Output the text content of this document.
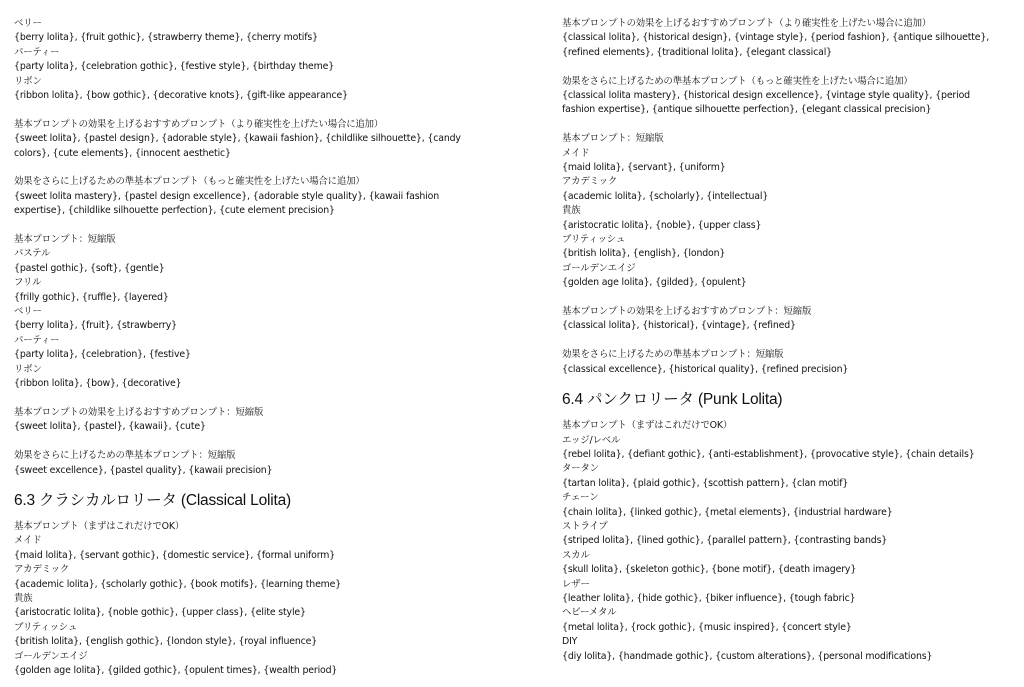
ベリー
{berry lolita}, {fruit gothic}, {strawberry theme}, {cherry motifs}
パーティー
{party lolita}, {celebration gothic}, {festive style}, {birthday theme}
リボン
{ribbon lolita}, {bow gothic}, {decorative knots}, {gift-like appearance}
基本プロンプトの効果を上げるおすすめプロンプト（より確実性を上げたい場合に追加）
{sweet lolita}, {pastel design}, {adorable style}, {kawaii fashion}, {childlike silhouette}, {candy colors}, {cute elements}, {innocent aesthetic}
効果をさらに上げるための準基本プロンプト（もっと確実性を上げたい場合に追加）
{sweet lolita mastery}, {pastel design excellence}, {adorable style quality}, {kawaii fashion expertise}, {childlike silhouette perfection}, {cute element precision}
基本プロンプト：短縮版
パステル
{pastel gothic}, {soft}, {gentle}
フリル
{frilly gothic}, {ruffle}, {layered}
ベリー
{berry lolita}, {fruit}, {strawberry}
パーティー
{party lolita}, {celebration}, {festive}
リボン
{ribbon lolita}, {bow}, {decorative}
基本プロンプトの効果を上げるおすすめプロンプト：短縮版
{sweet lolita}, {pastel}, {kawaii}, {cute}
効果をさらに上げるための準基本プロンプト：短縮版
{sweet excellence}, {pastel quality}, {kawaii precision}
6.3 クラシカルロリータ (Classical Lolita)
基本プロンプト（まずはこれだけでOK）
メイド
{maid lolita}, {servant gothic}, {domestic service}, {formal uniform}
アカデミック
{academic lolita}, {scholarly gothic}, {book motifs}, {learning theme}
貴族
{aristocratic lolita}, {noble gothic}, {upper class}, {elite style}
ブリティッシュ
{british lolita}, {english gothic}, {london style}, {royal influence}
ゴールデンエイジ
{golden age lolita}, {gilded gothic}, {opulent times}, {wealth period}
基本プロンプトの効果を上げるおすすめプロンプト（より確実性を上げたい場合に追加）
{classical lolita}, {historical design}, {vintage style}, {period fashion}, {antique silhouette}, {refined elements}, {traditional lolita}, {elegant classical}
効果をさらに上げるための準基本プロンプト（もっと確実性を上げたい場合に追加）
{classical lolita mastery}, {historical design excellence}, {vintage style quality}, {period fashion expertise}, {antique silhouette perfection}, {elegant classical precision}
基本プロンプト：短縮版
メイド
{maid lolita}, {servant}, {uniform}
アカデミック
{academic lolita}, {scholarly}, {intellectual}
貴族
{aristocratic lolita}, {noble}, {upper class}
ブリティッシュ
{british lolita}, {english}, {london}
ゴールデンエイジ
{golden age lolita}, {gilded}, {opulent}
基本プロンプトの効果を上げるおすすめプロンプト：短縮版
{classical lolita}, {historical}, {vintage}, {refined}
効果をさらに上げるための準基本プロンプト：短縮版
{classical excellence}, {historical quality}, {refined precision}
6.4 パンクロリータ (Punk Lolita)
基本プロンプト（まずはこれだけでOK）
エッジ/レベル
{rebel lolita}, {defiant gothic}, {anti-establishment}, {provocative style}, {chain details}
タータン
{tartan lolita}, {plaid gothic}, {scottish pattern}, {clan motif}
チェーン
{chain lolita}, {linked gothic}, {metal elements}, {industrial hardware}
ストライプ
{striped lolita}, {lined gothic}, {parallel pattern}, {contrasting bands}
スカル
{skull lolita}, {skeleton gothic}, {bone motif}, {death imagery}
レザー
{leather lolita}, {hide gothic}, {biker influence}, {tough fabric}
ヘビーメタル
{metal lolita}, {rock gothic}, {music inspired}, {concert style}
DIY
{diy lolita}, {handmade gothic}, {custom alterations}, {personal modifications}
